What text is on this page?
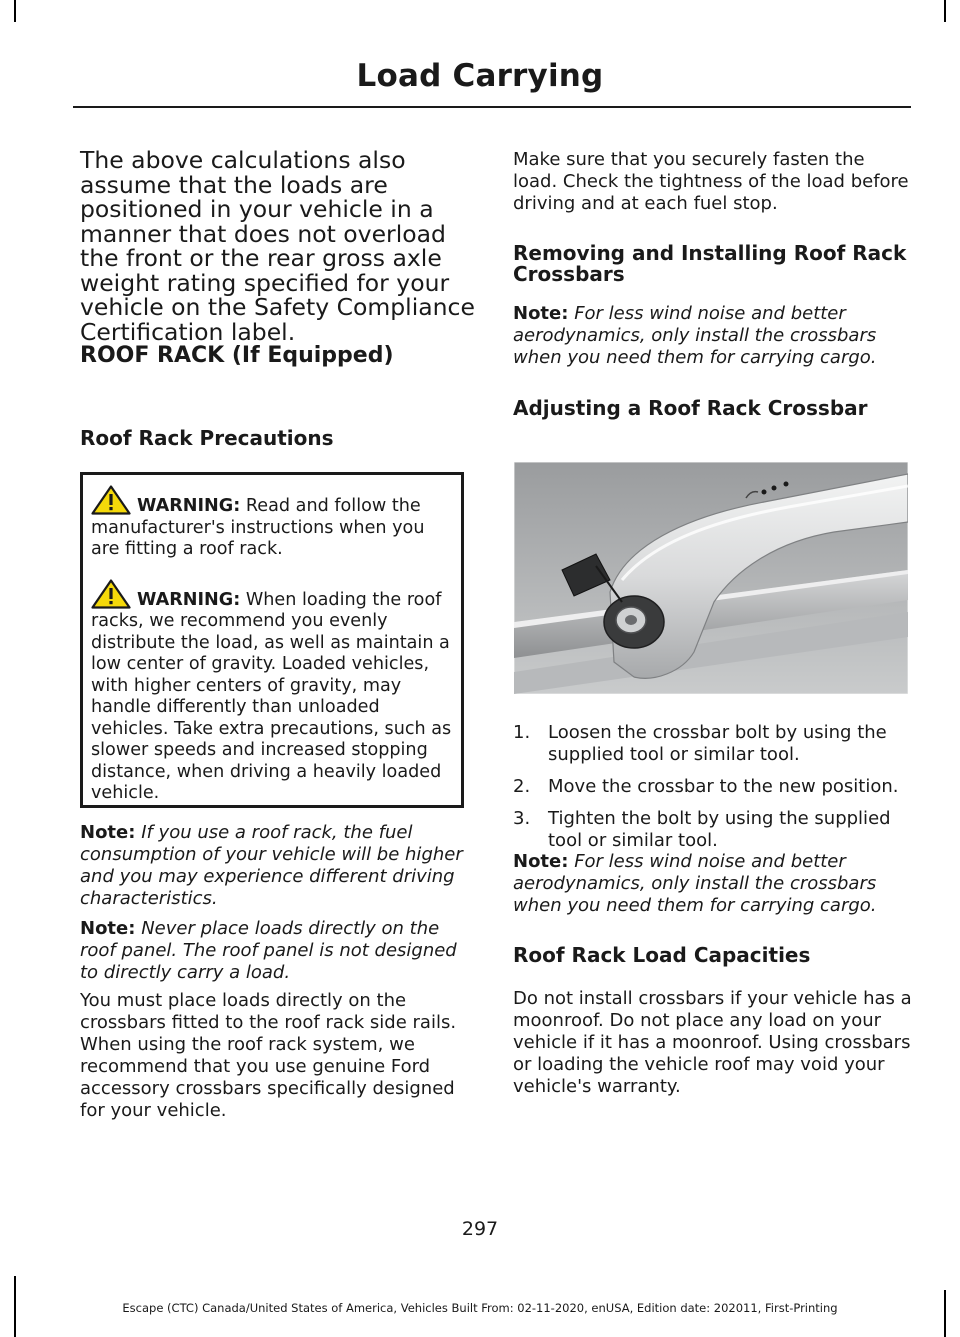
Load Carrying
The above calculations also assume that the loads are positioned in your vehicle in a manner that does not overload the front or the rear gross axle weight rating specified for your vehicle on the Safety Compliance Certification label.
ROOF RACK (If Equipped)
Roof Rack Precautions

WARNING: Read and follow the manufacturer's instructions when you are fitting a roof rack.

WARNING: When loading the roof racks, we recommend you evenly distribute the load, as well as maintain a low center of gravity. Loaded vehicles, with higher centers of gravity, may handle differently than unloaded vehicles. Take extra precautions, such as slower speeds and increased stopping distance, when driving a heavily loaded vehicle.

Note: If you use a roof rack, the fuel consumption of your vehicle will be higher and you may experience different driving characteristics.
Note: Never place loads directly on the roof panel. The roof panel is not designed to directly carry a load.
You must place loads directly on the crossbars fitted to the roof rack side rails. When using the roof rack system, we recommend that you use genuine Ford accessory crossbars specifically designed for your vehicle.
Make sure that you securely fasten the load. Check the tightness of the load before driving and at each fuel stop.
Removing and Installing Roof Rack Crossbars
Note: For less wind noise and better aerodynamics, only install the crossbars when you need them for carrying cargo.
Adjusting a Roof Rack Crossbar
1. Loosen the crossbar bolt by using the supplied tool or similar tool.
2. Move the crossbar to the new position.
3. Tighten the bolt by using the supplied tool or similar tool.
Note: For less wind noise and better aerodynamics, only install the crossbars when you need them for carrying cargo.
Roof Rack Load Capacities
Do not install crossbars if your vehicle has a moonroof. Do not place any load on your vehicle if it has a moonroof. Using crossbars or loading the vehicle roof may void your vehicle's warranty.
297
Escape (CTC) Canada/United States of America, Vehicles Built From: 02-11-2020, enUSA, Edition date: 202011, First-Printing
